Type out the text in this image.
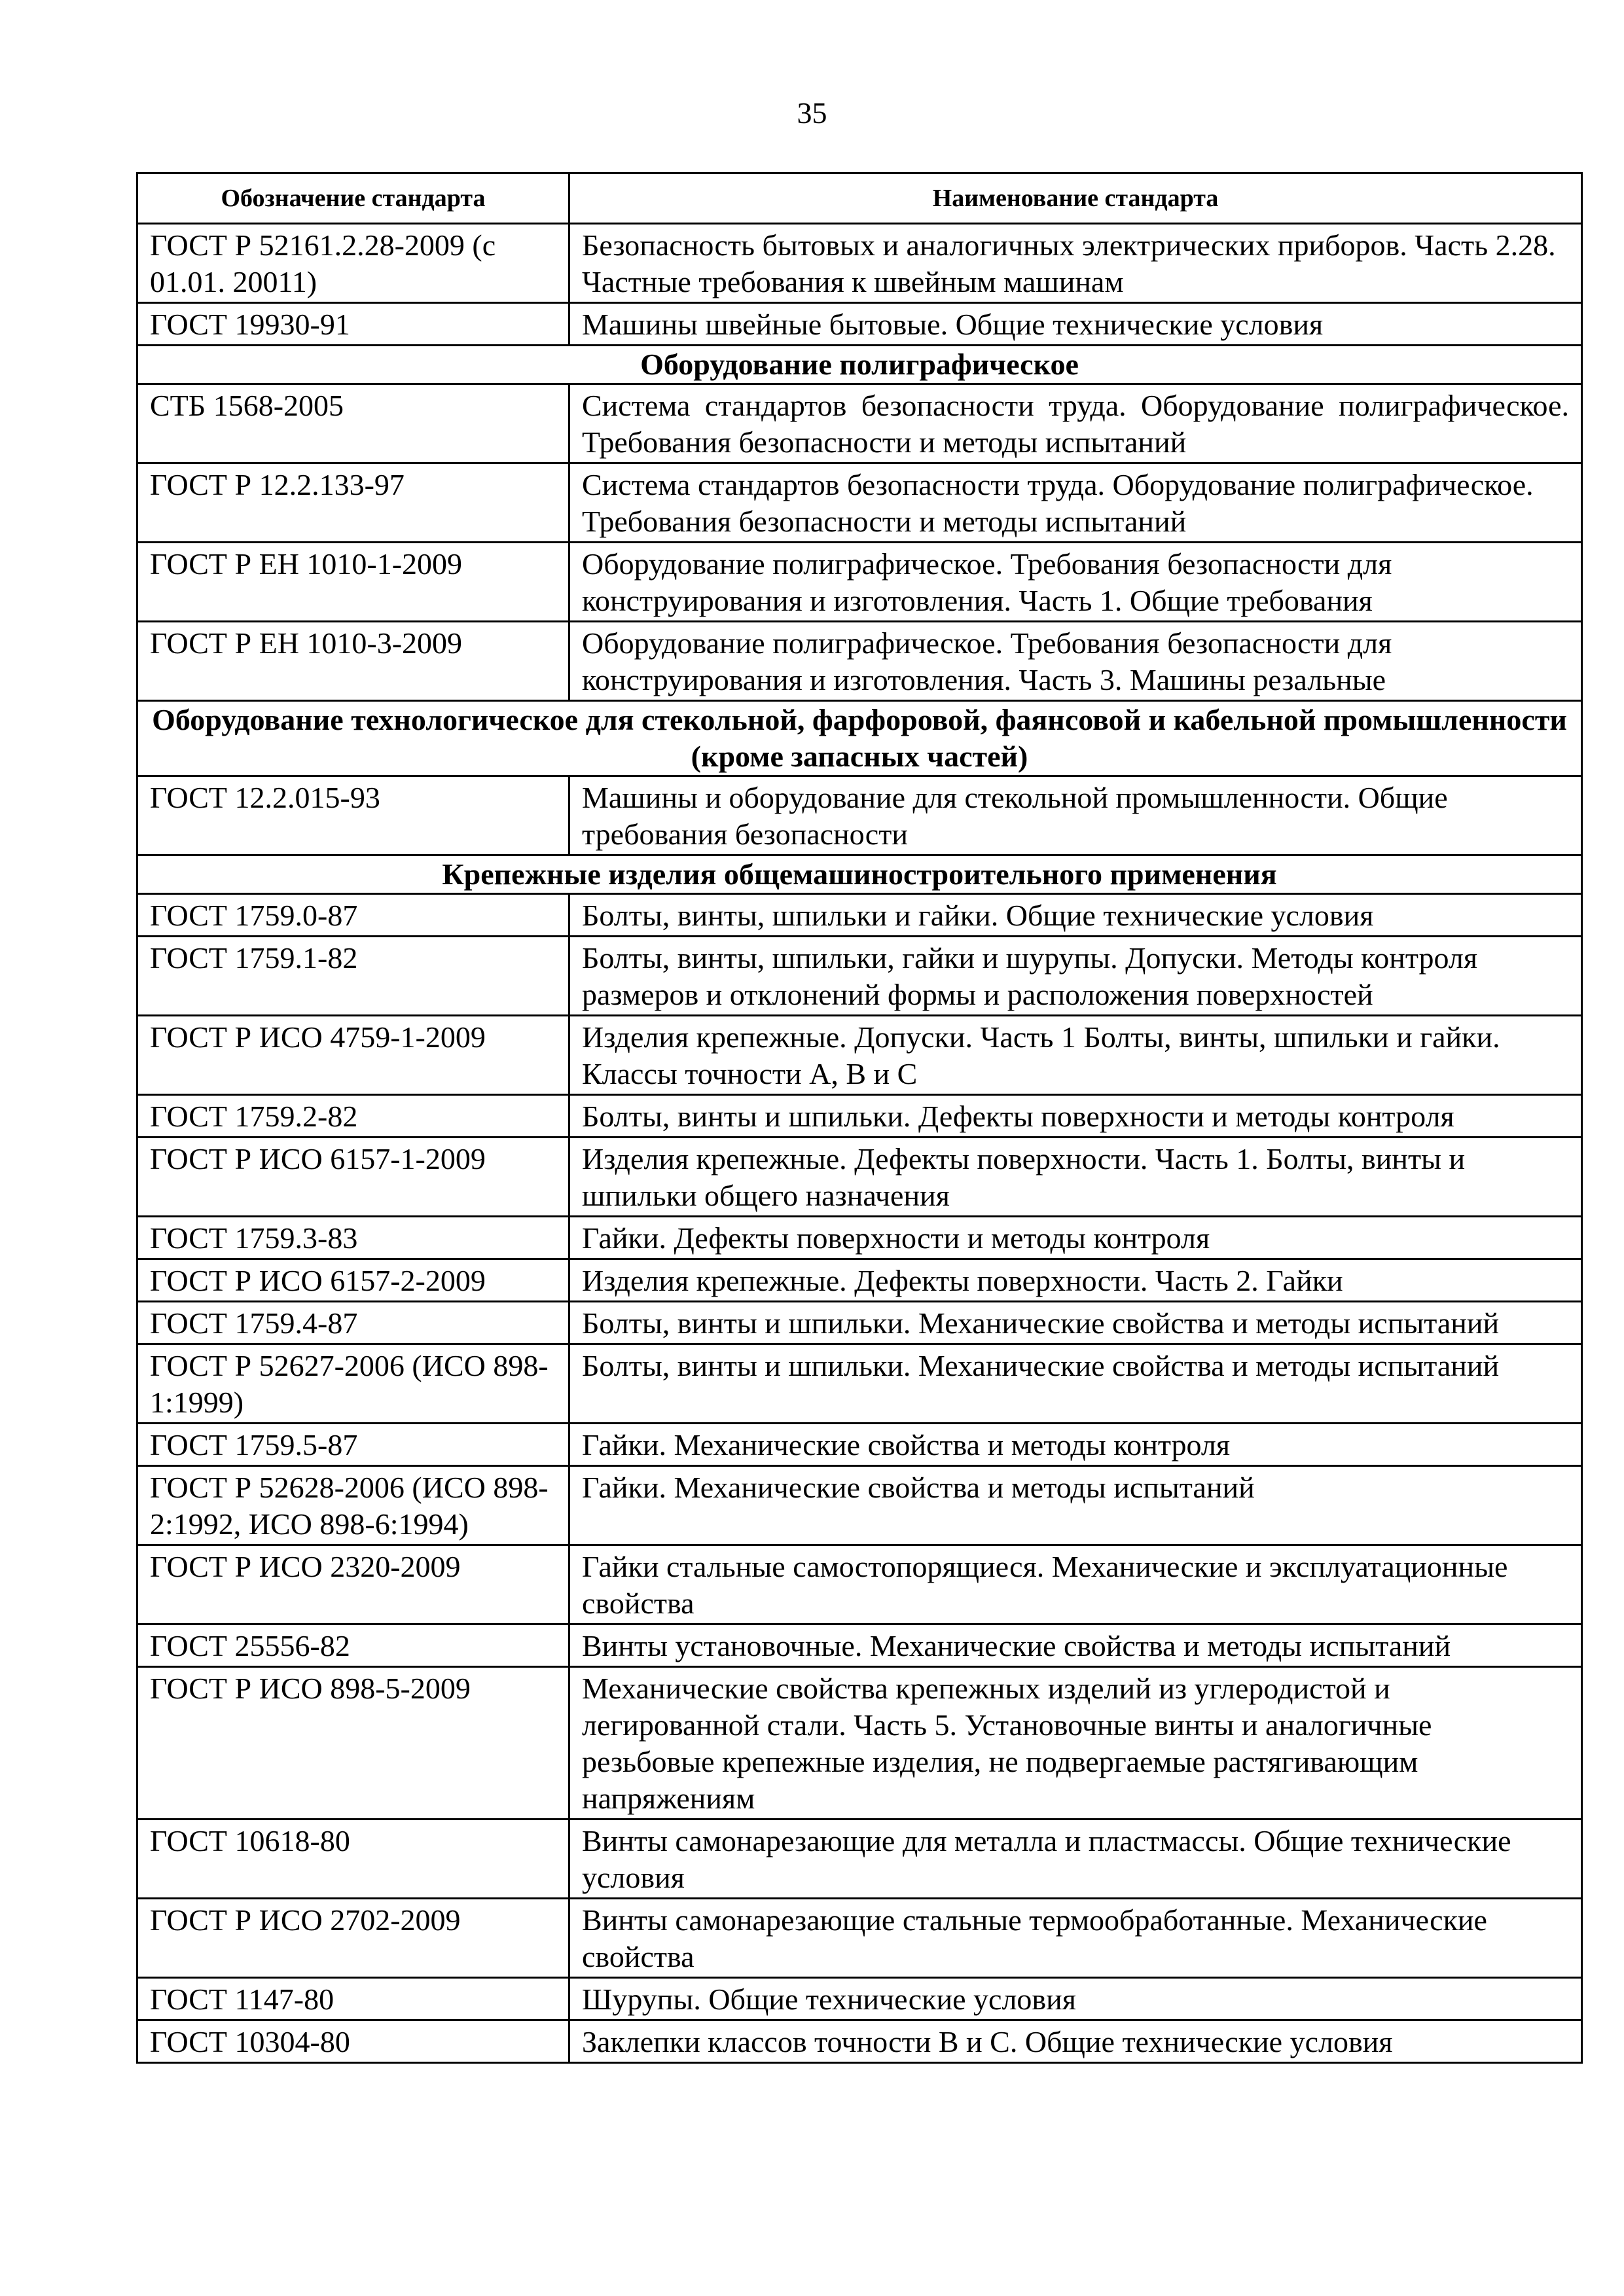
35
Обозначение стандарта	Наименование стандарта
ГОСТ Р 52161.2.28-2009 (с 01.01. 20011)	Безопасность бытовых и аналогичных электрических приборов. Часть 2.28. Частные требования к швейным машинам
ГОСТ 19930-91	Машины швейные бытовые. Общие технические условия
Оборудование полиграфическое	
СТБ 1568-2005	Система стандартов безопасности труда. Оборудование полиграфическое. Требования безопасности и методы испытаний
ГОСТ Р 12.2.133-97	Система стандартов безопасности труда. Оборудование полиграфическое. Требования безопасности и методы испытаний
ГОСТ Р ЕН 1010-1-2009	Оборудование полиграфическое. Требования безопасности для конструирования и изготовления. Часть 1. Общие требования
ГОСТ Р ЕН 1010-3-2009	Оборудование полиграфическое. Требования безопасности для конструирования и изготовления. Часть 3. Машины резальные
Оборудование технологическое для стекольной, фарфоровой, фаянсовой и кабельной промышленности (кроме запасных частей)	
ГОСТ 12.2.015-93	Машины и оборудование для стекольной промышленности. Общие требования безопасности
Крепежные изделия общемашиностроительного применения	
ГОСТ 1759.0-87	Болты, винты, шпильки и гайки. Общие технические условия
ГОСТ 1759.1-82	Болты, винты, шпильки, гайки и шурупы. Допуски. Методы контроля размеров и отклонений формы и расположения поверхностей
ГОСТ Р ИСО 4759-1-2009	Изделия крепежные. Допуски. Часть 1 Болты, винты, шпильки и гайки. Классы точности А, В и С
ГОСТ 1759.2-82	Болты, винты и шпильки. Дефекты поверхности и методы контроля
ГОСТ Р ИСО 6157-1-2009	Изделия крепежные. Дефекты поверхности. Часть 1. Болты, винты и шпильки общего назначения
ГОСТ 1759.3-83	Гайки. Дефекты поверхности и методы контроля
ГОСТ Р ИСО 6157-2-2009	Изделия крепежные. Дефекты поверхности. Часть 2. Гайки
ГОСТ 1759.4-87	Болты, винты и шпильки. Механические свойства и методы испытаний
ГОСТ Р 52627-2006 (ИСО 898-1:1999)	Болты, винты и шпильки. Механические свойства и методы испытаний
ГОСТ 1759.5-87	Гайки. Механические свойства и методы контроля
ГОСТ Р 52628-2006 (ИСО 898-2:1992, ИСО 898-6:1994)	Гайки. Механические свойства и методы испытаний
ГОСТ Р ИСО 2320-2009	Гайки стальные самостопорящиеся. Механические и эксплуатационные свойства
ГОСТ 25556-82	Винты установочные. Механические свойства и методы испытаний
ГОСТ Р ИСО 898-5-2009	Механические свойства крепежных изделий из углеродистой и легированной стали. Часть 5. Установочные винты и аналогичные резьбовые крепежные изделия, не подвергаемые растягивающим напряжениям
ГОСТ 10618-80	Винты самонарезающие для металла и пластмассы. Общие технические условия
ГОСТ Р ИСО 2702-2009	Винты самонарезающие стальные термообработанные. Механические свойства
ГОСТ 1147-80	Шурупы. Общие технические условия
ГОСТ 10304-80	Заклепки классов точности В и С. Общие технические условия
